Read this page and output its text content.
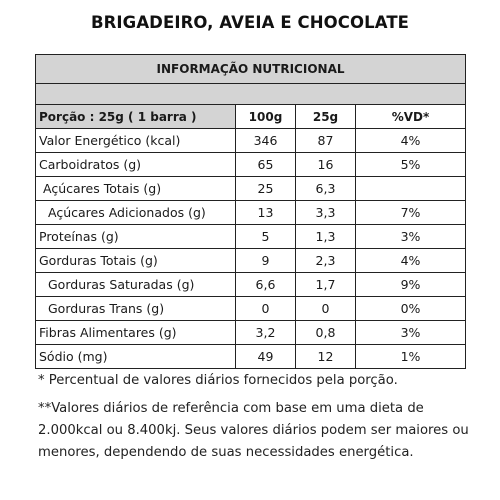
BRIGADEIRO, AVEIA E CHOCOLATE
INFORMAÇÃO NUTRICIONAL			

Porção : 25g ( 1 barra )	100g	25g	%VD*
Valor Energético (kcal)	346	87	4%
Carboidratos (g)	65	16	5%
Açúcares Totais (g)	25	6,3	
Açúcares Adicionados (g)	13	3,3	7%
Proteínas (g)	5	1,3	3%
Gorduras Totais (g)	9	2,3	4%
Gorduras Saturadas (g)	6,6	1,7	9%
Gorduras Trans (g)	0	0	0%
Fibras Alimentares (g)	3,2	0,8	3%
Sódio (mg)	49	12	1%

* Percentual de valores diários fornecidos pela porção.

**Valores diários de referência com base em uma dieta de 2.000kcal ou 8.400kj. Seus valores diários podem ser maiores ou menores, dependendo de suas necessidades energética.
